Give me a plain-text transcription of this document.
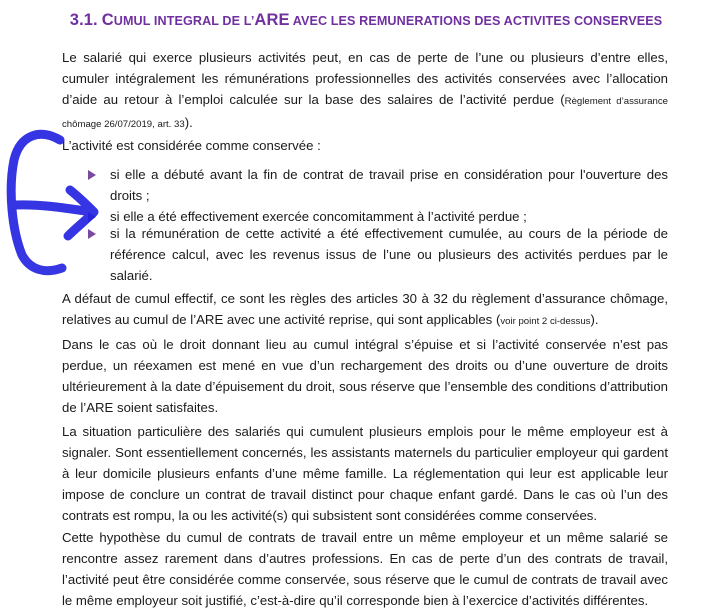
3.1. CUMUL INTEGRAL DE L’ARE AVEC LES REMUNERATIONS DES ACTIVITES CONSERVEES

Le salarié qui exerce plusieurs activités peut, en cas de perte de l’une ou plusieurs d’entre elles, cumuler intégralement les rémunérations professionnelles des activités conservées avec l’allocation d’aide au retour à l’emploi calculée sur la base des salaires de l’activité perdue (Règlement d’assurance chômage 26/07/2019, art. 33).

L’activité est considérée comme conservée :

si elle a débuté avant la fin de contrat de travail prise en considération pour l'ouverture des droits ;
si elle a été effectivement exercée concomitamment à l’activité perdue ;
si la rémunération de cette activité a été effectivement cumulée, au cours de la période de référence calcul, avec les revenus issus de l’une ou plusieurs des activités perdues par le salarié.

A défaut de cumul effectif, ce sont les règles des articles 30 à 32 du règlement d’assurance chômage, relatives au cumul de l’ARE avec une activité reprise, qui sont applicables (voir point 2 ci-dessus).

Dans le cas où le droit donnant lieu au cumul intégral s’épuise et si l’activité conservée n’est pas perdue, un réexamen est mené en vue d’un rechargement des droits ou d’une ouverture de droits ultérieurement à la date d’épuisement du droit, sous réserve que l’ensemble des conditions d’attribution de l’ARE soient satisfaites.

La situation particulière des salariés qui cumulent plusieurs emplois pour le même employeur est à signaler. Sont essentiellement concernés, les assistants maternels du particulier employeur qui gardent à leur domicile plusieurs enfants d’une même famille. La réglementation qui leur est applicable leur impose de conclure un contrat de travail distinct pour chaque enfant gardé. Dans le cas où l’un des contrats est rompu, la ou les activité(s) qui subsistent sont considérées comme conservées.

Cette hypothèse du cumul de contrats de travail entre un même employeur et un même salarié se rencontre assez rarement dans d’autres professions. En cas de perte d’un des contrats de travail, l’activité peut être considérée comme conservée, sous réserve que le cumul de contrats de travail avec le même employeur soit justifié, c’est-à-dire qu’il corresponde bien à l’exercice d’activités différentes.
